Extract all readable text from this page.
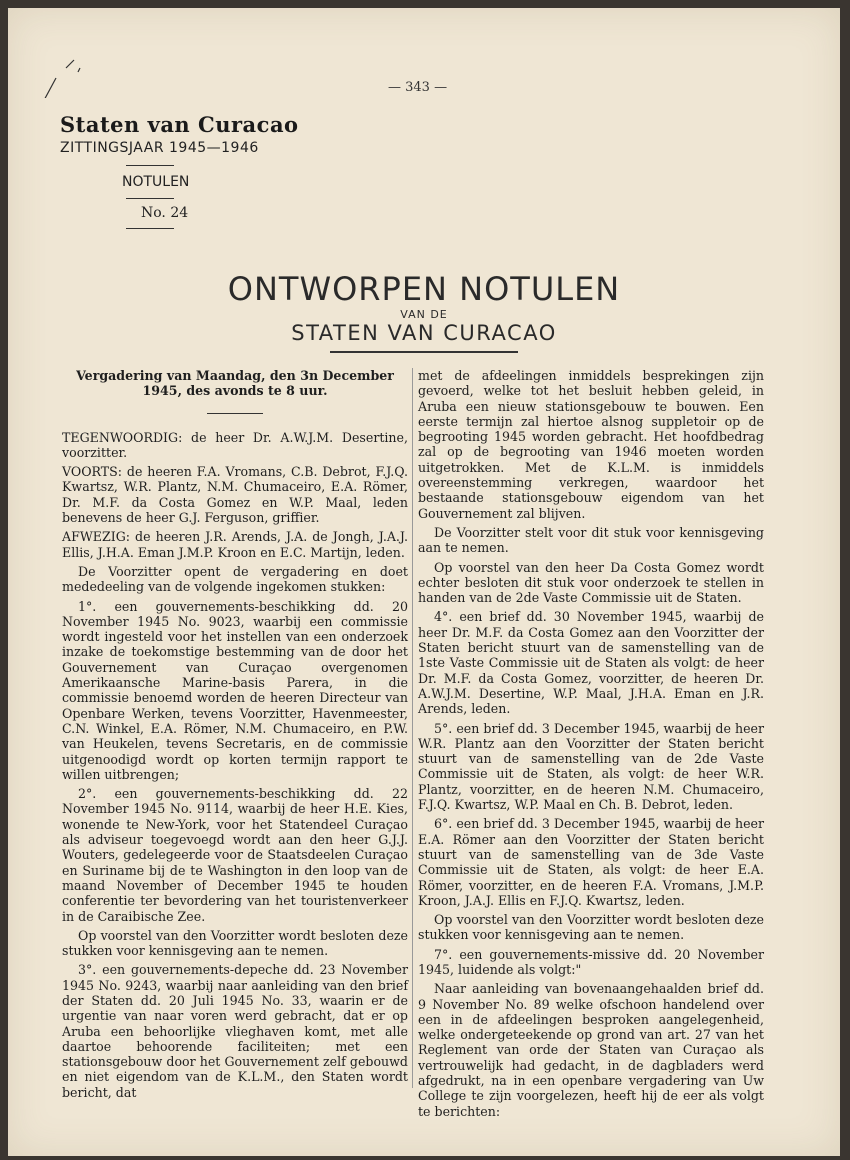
— 343 —
Staten van Curacao
ZITTINGSJAAR 1945—1946
NOTULEN
No. 24
ONTWORPEN NOTULEN
VAN DE
STATEN VAN CURACAO
Vergadering van Maandag, den 3n December 1945, des avonds te 8 uur.

TEGENWOORDIG: de heer Dr. A.W.J.M. Desertine, voorzitter.

VOORTS: de heeren F.A. Vromans, C.B. Debrot, F.J.Q. Kwartsz, W.R. Plantz, N.M. Chumaceiro, E.A. Römer, Dr. M.F. da Costa Gomez en W.P. Maal, leden benevens de heer G.J. Ferguson, griffier.

AFWEZIG: de heeren J.R. Arends, J.A. de Jongh, J.A.J. Ellis, J.H.A. Eman J.M.P. Kroon en E.C. Martijn, leden.

De Voorzitter opent de vergadering en doet mededeeling van de volgende ingekomen stukken:

1°. een gouvernements-beschikking dd. 20 November 1945 No. 9023, waarbij een commissie wordt ingesteld voor het instellen van een onderzoek inzake de toekomstige bestemming van de door het Gouvernement van Curaçao overgenomen Amerikaansche Marine-basis Parera, in die commissie benoemd worden de heeren Directeur van Openbare Werken, tevens Voorzitter, Havenmeester, C.N. Winkel, E.A. Römer, N.M. Chumaceiro, en P.W. van Heukelen, tevens Secretaris, en de commissie uitgenoodigd wordt op korten termijn rapport te willen uitbrengen;

2°. een gouvernements-beschikking dd. 22 November 1945 No. 9114, waarbij de heer H.E. Kies, wonende te New-York, voor het Statendeel Curaçao als adviseur toegevoegd wordt aan den heer G.J.J. Wouters, gedelegeerde voor de Staatsdeelen Curaçao en Suriname bij de te Washington in den loop van de maand November of December 1945 te houden conferentie ter bevordering van het touristenverkeer in de Caraibische Zee.

Op voorstel van den Voorzitter wordt besloten deze stukken voor kennisgeving aan te nemen.

3°. een gouvernements-depeche dd. 23 November 1945 No. 9243, waarbij naar aanleiding van den brief der Staten dd. 20 Juli 1945 No. 33, waarin er de urgentie van naar voren werd gebracht, dat er op Aruba een behoorlijke vlieghaven komt, met alle daartoe behoorende faciliteiten; met een stationsgebouw door het Gouvernement zelf gebouwd en niet eigendom van de K.L.M., den Staten wordt bericht, dat

met de afdeelingen inmiddels besprekingen zijn gevoerd, welke tot het besluit hebben geleid, in Aruba een nieuw stationsgebouw te bouwen. Een eerste termijn zal hiertoe alsnog suppletoir op de begrooting 1945 worden gebracht. Het hoofdbedrag zal op de begrooting van 1946 moeten worden uitgetrokken. Met de K.L.M. is inmiddels overeenstemming verkregen, waardoor het bestaande stationsgebouw eigendom van het Gouvernement zal blijven.

De Voorzitter stelt voor dit stuk voor kennisgeving aan te nemen.

Op voorstel van den heer Da Costa Gomez wordt echter besloten dit stuk voor onderzoek te stellen in handen van de 2de Vaste Commissie uit de Staten.

4°. een brief dd. 30 November 1945, waarbij de heer Dr. M.F. da Costa Gomez aan den Voorzitter der Staten bericht stuurt van de samenstelling van de 1ste Vaste Commissie uit de Staten als volgt: de heer Dr. M.F. da Costa Gomez, voorzitter, de heeren Dr. A.W.J.M. Desertine, W.P. Maal, J.H.A. Eman en J.R. Arends, leden.

5°. een brief dd. 3 December 1945, waarbij de heer W.R. Plantz aan den Voorzitter der Staten bericht stuurt van de samenstelling van de 2de Vaste Commissie uit de Staten, als volgt: de heer W.R. Plantz, voorzitter, en de heeren N.M. Chumaceiro, F.J.Q. Kwartsz, W.P. Maal en Ch. B. Debrot, leden.

6°. een brief dd. 3 December 1945, waarbij de heer E.A. Römer aan den Voorzitter der Staten bericht stuurt van de samenstelling van de 3de Vaste Commissie uit de Staten, als volgt: de heer E.A. Römer, voorzitter, en de heeren F.A. Vromans, J.M.P. Kroon, J.A.J. Ellis en F.J.Q. Kwartsz, leden.

Op voorstel van den Voorzitter wordt besloten deze stukken voor kennisgeving aan te nemen.

7°. een gouvernements-missive dd. 20 November 1945, luidende als volgt:"

Naar aanleiding van bovenaangehaalden brief dd. 9 November No. 89 welke ofschoon handelend over een in de afdeelingen besproken aangelegenheid, welke ondergeteekende op grond van art. 27 van het Reglement van orde der Staten van Curaçao als vertrouwelijk had gedacht, in de dagbladers werd afgedrukt, na in een openbare vergadering van Uw College te zijn voorgelezen, heeft hij de eer als volgt te berichten:
